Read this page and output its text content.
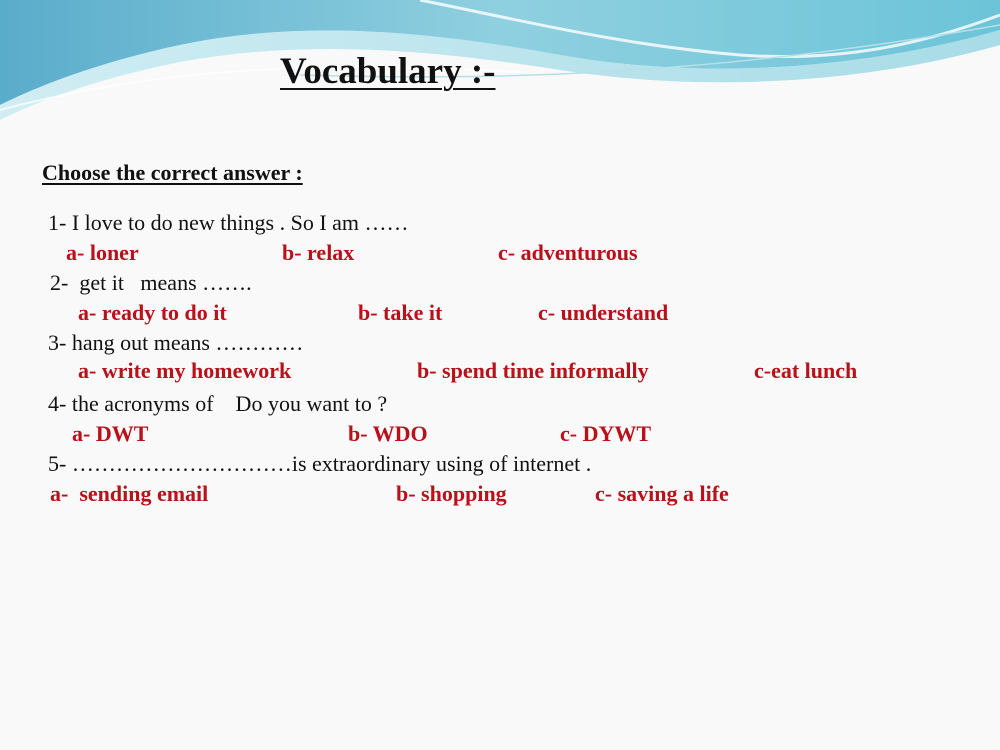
Vocabulary :-
Choose the correct answer :
1- I love to do new things . So I am ……
a- loner	b- relax	c- adventurous
2-  get it   means …….
a- ready to do it	b- take it	c- understand
3- hang out means …………
a- write my homework	b- spend time informally	c-eat lunch
4- the acronyms of    Do you want to ?
a- DWT	b- WDO	c- DYWT
5- …………………………is extraordinary using of internet .
a-  sending email	b- shopping	c- saving a life
